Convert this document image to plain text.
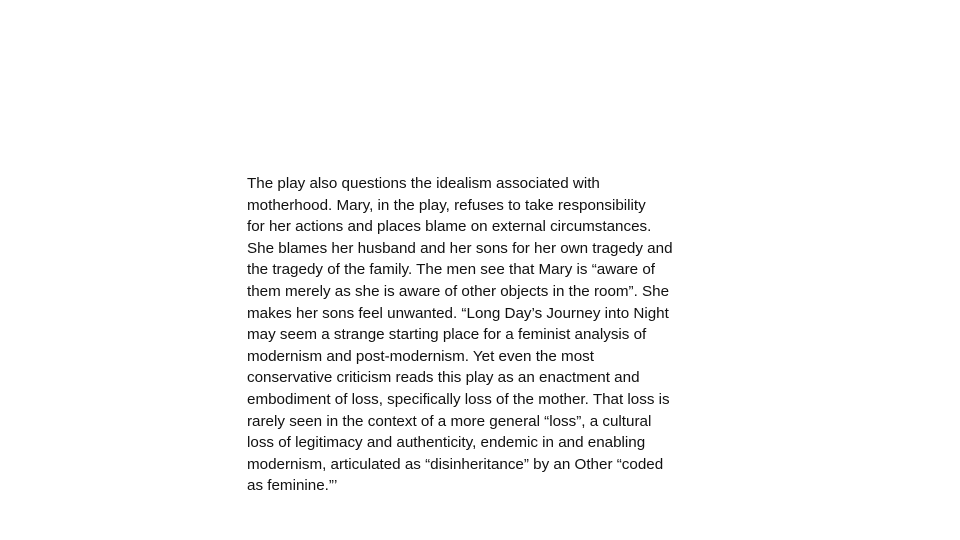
The play also questions the idealism associated with
motherhood. Mary, in the play, refuses to take responsibility
for her actions and places blame on external circumstances.
She blames her husband and her sons for her own tragedy and
the tragedy of the family. The men see that Mary is “aware of
them merely as she is aware of other objects in the room”. She
makes her sons feel unwanted. “Long Day’s Journey into Night
may seem a strange starting place for a feminist analysis of
modernism and post-modernism. Yet even the most
conservative criticism reads this play as an enactment and
embodiment of loss, specifically loss of the mother. That loss is
rarely seen in the context of a more general “loss”, a cultural
loss of legitimacy and authenticity, endemic in and enabling
modernism, articulated as “disinheritance” by an Other “coded
as feminine.”’
